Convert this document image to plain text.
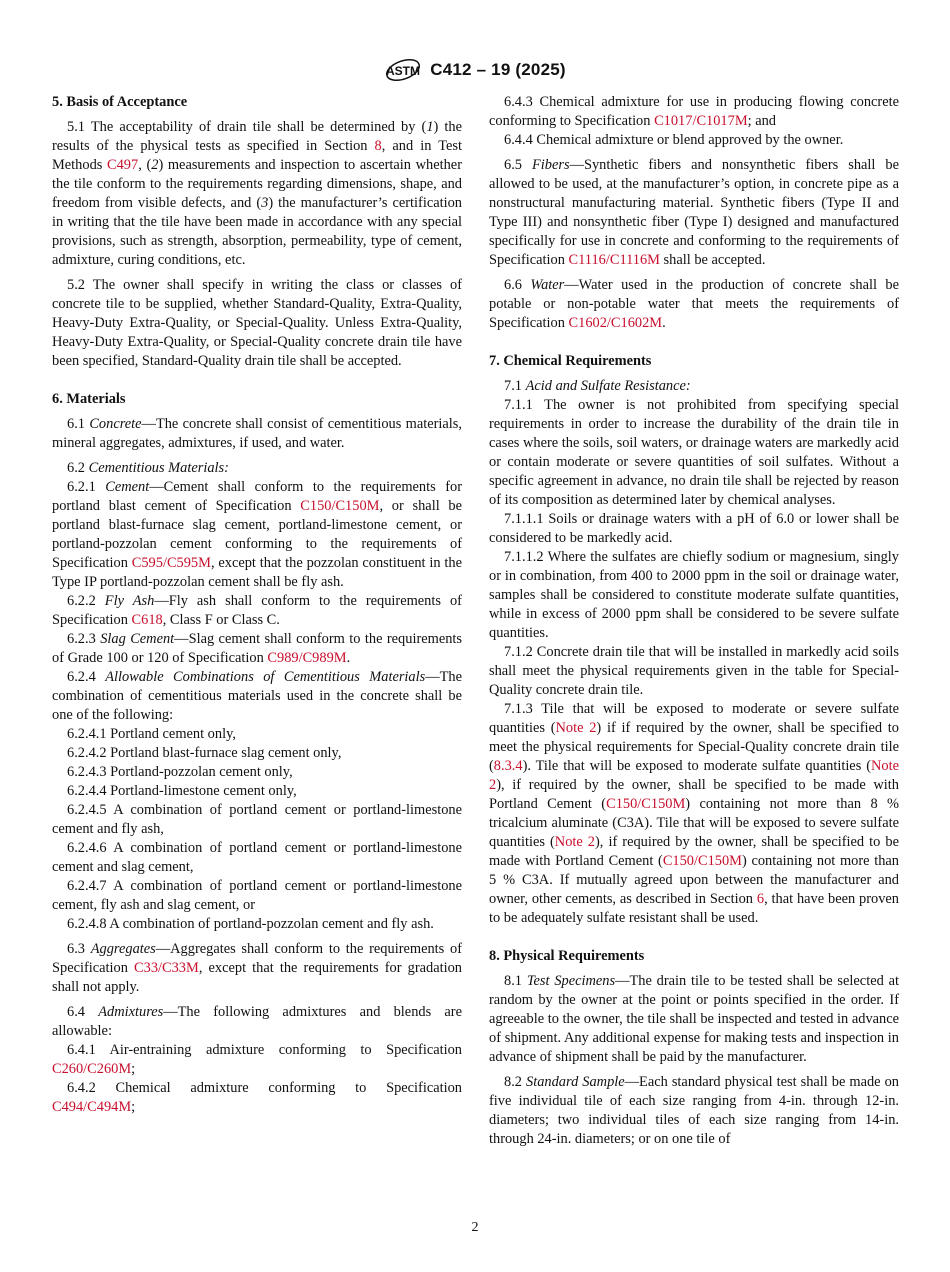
ASTM C412 – 19 (2025)
5. Basis of Acceptance

5.1 The acceptability of drain tile shall be determined by (1) the results of the physical tests as specified in Section 8, and in Test Methods C497, (2) measurements and inspection to ascertain whether the tile conform to the requirements regarding dimensions, shape, and freedom from visible defects, and (3) the manufacturer’s certification in writing that the tile have been made in accordance with any special provisions, such as strength, absorption, permeability, type of cement, admixture, curing conditions, etc.

5.2 The owner shall specify in writing the class or classes of concrete tile to be supplied, whether Standard-Quality, Extra-Quality, Heavy-Duty Extra-Quality, or Special-Quality. Unless Extra-Quality, Heavy-Duty Extra-Quality, or Special-Quality concrete drain tile have been specified, Standard-Quality drain tile shall be accepted.

6. Materials

6.1 Concrete—The concrete shall consist of cementitious materials, mineral aggregates, admixtures, if used, and water.

6.2 Cementitious Materials:

6.2.1 Cement—Cement shall conform to the requirements for portland blast cement of Specification C150/C150M, or shall be portland blast-furnace slag cement, portland-limestone cement, or portland-pozzolan cement conforming to the requirements of Specification C595/C595M, except that the pozzolan constituent in the Type IP portland-pozzolan cement shall be fly ash.

6.2.2 Fly Ash—Fly ash shall conform to the requirements of Specification C618, Class F or Class C.

6.2.3 Slag Cement—Slag cement shall conform to the requirements of Grade 100 or 120 of Specification C989/C989M.

6.2.4 Allowable Combinations of Cementitious Materials—The combination of cementitious materials used in the concrete shall be one of the following:

6.2.4.1 Portland cement only,

6.2.4.2 Portland blast-furnace slag cement only,

6.2.4.3 Portland-pozzolan cement only,

6.2.4.4 Portland-limestone cement only,

6.2.4.5 A combination of portland cement or portland-limestone cement and fly ash,

6.2.4.6 A combination of portland cement or portland-limestone cement and slag cement,

6.2.4.7 A combination of portland cement or portland-limestone cement, fly ash and slag cement, or

6.2.4.8 A combination of portland-pozzolan cement and fly ash.

6.3 Aggregates—Aggregates shall conform to the requirements of Specification C33/C33M, except that the requirements for gradation shall not apply.

6.4 Admixtures—The following admixtures and blends are allowable:

6.4.1 Air-entraining admixture conforming to Specification C260/C260M;

6.4.2 Chemical admixture conforming to Specification C494/C494M;

6.4.3 Chemical admixture for use in producing flowing concrete conforming to Specification C1017/C1017M; and

6.4.4 Chemical admixture or blend approved by the owner.

6.5 Fibers—Synthetic fibers and nonsynthetic fibers shall be allowed to be used, at the manufacturer’s option, in concrete pipe as a nonstructural manufacturing material. Synthetic fibers (Type II and Type III) and nonsynthetic fiber (Type I) designed and manufactured specifically for use in concrete and conforming to the requirements of Specification C1116/C1116M shall be accepted.

6.6 Water—Water used in the production of concrete shall be potable or non-potable water that meets the requirements of Specification C1602/C1602M.

7. Chemical Requirements

7.1 Acid and Sulfate Resistance:

7.1.1 The owner is not prohibited from specifying special requirements in order to increase the durability of the drain tile in cases where the soils, soil waters, or drainage waters are markedly acid or contain moderate or severe quantities of soil sulfates. Without a specific agreement in advance, no drain tile shall be rejected by reason of its composition as determined later by chemical analyses.

7.1.1.1 Soils or drainage waters with a pH of 6.0 or lower shall be considered to be markedly acid.

7.1.1.2 Where the sulfates are chiefly sodium or magnesium, singly or in combination, from 400 to 2000 ppm in the soil or drainage water, samples shall be considered to constitute moderate sulfate quantities, while in excess of 2000 ppm shall be considered to be severe sulfate quantities.

7.1.2 Concrete drain tile that will be installed in markedly acid soils shall meet the physical requirements given in the table for Special-Quality concrete drain tile.

7.1.3 Tile that will be exposed to moderate or severe sulfate quantities (Note 2) if if required by the owner, shall be specified to meet the physical requirements for Special-Quality concrete drain tile (8.3.4). Tile that will be exposed to moderate sulfate quantities (Note 2), if required by the owner, shall be specified to be made with Portland Cement (C150/C150M) containing not more than 8 % tricalcium aluminate (C3A). Tile that will be exposed to severe sulfate quantities (Note 2), if required by the owner, shall be specified to be made with Portland Cement (C150/C150M) containing not more than 5 % C3A. If mutually agreed upon between the manufacturer and owner, other cements, as described in Section 6, that have been proven to be adequately sulfate resistant shall be used.

8. Physical Requirements

8.1 Test Specimens—The drain tile to be tested shall be selected at random by the owner at the point or points specified in the order. If agreeable to the owner, the tile shall be inspected and tested in advance of shipment. Any additional expense for making tests and inspection in advance of shipment shall be paid by the manufacturer.

8.2 Standard Sample—Each standard physical test shall be made on five individual tile of each size ranging from 4-in. through 12-in. diameters; two individual tiles of each size ranging from 14-in. through 24-in. diameters; or on one tile of

2
